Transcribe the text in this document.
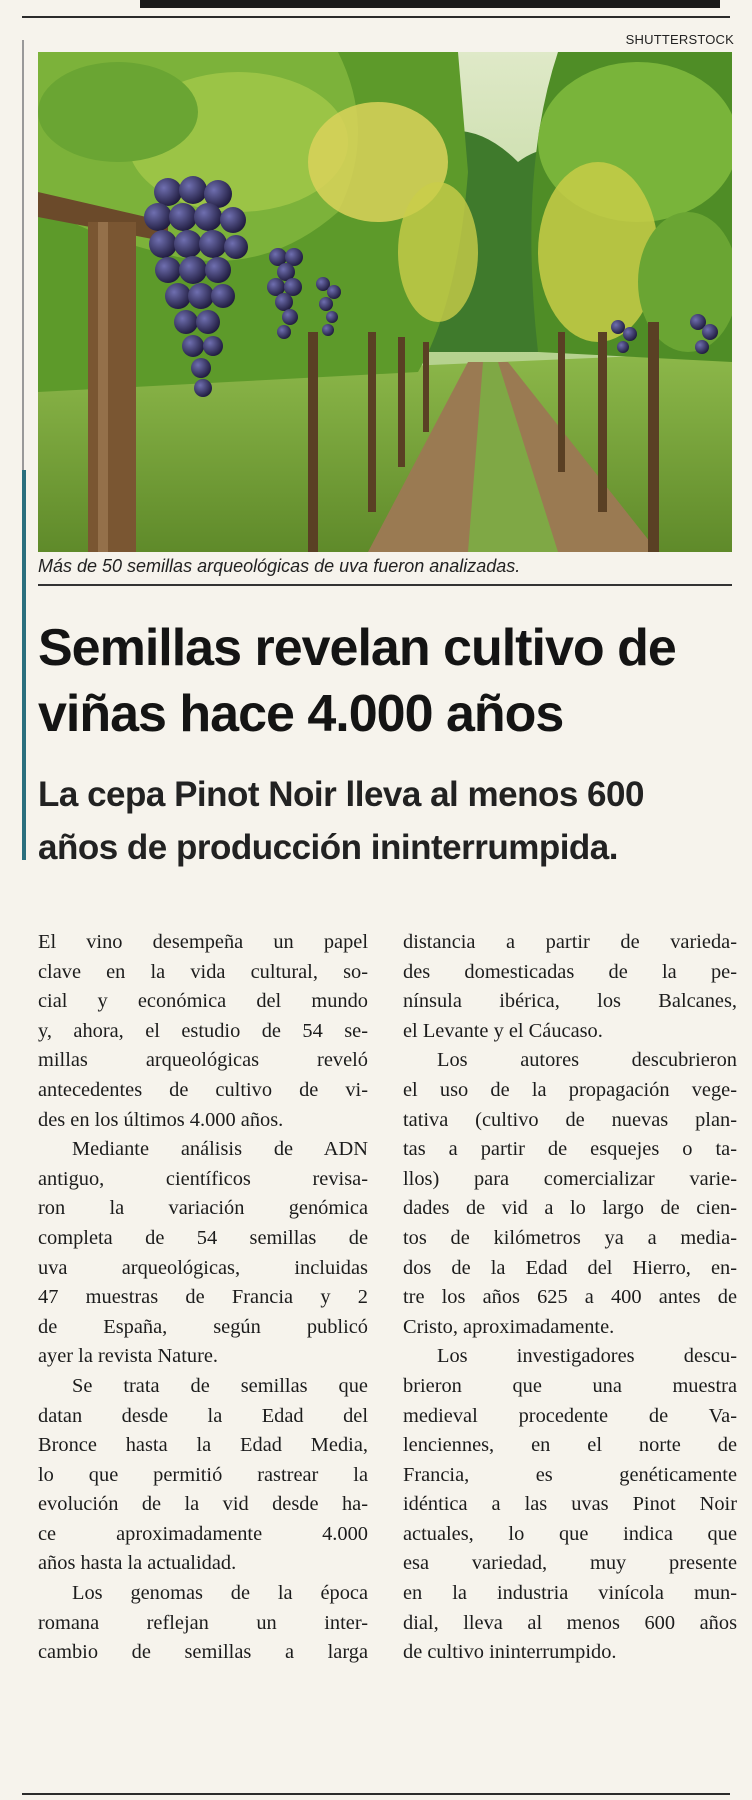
SHUTTERSTOCK
Más de 50 semillas arqueológicas de uva fueron analizadas.
Semillas revelan cultivo de
viñas hace 4.000 años
La cepa Pinot Noir lleva al menos 600
años de producción ininterrumpida.
El vino desempeña un papel
clave en la vida cultural, so-
cial y económica del mundo
y, ahora, el estudio de 54 se-
millas arqueológicas reveló
antecedentes de cultivo de vi-
des en los últimos 4.000 años.
Mediante análisis de ADN
antiguo, científicos revisa-
ron la variación genómica
completa de 54 semillas de
uva arqueológicas, incluidas
47 muestras de Francia y 2
de España, según publicó
ayer la revista Nature.
Se trata de semillas que
datan desde la Edad del
Bronce hasta la Edad Media,
lo que permitió rastrear la
evolución de la vid desde ha-
ce aproximadamente 4.000
años hasta la actualidad.
Los genomas de la época
romana reflejan un inter-
cambio de semillas a larga
distancia a partir de varieda-
des domesticadas de la pe-
nínsula ibérica, los Balcanes,
el Levante y el Cáucaso.
Los autores descubrieron
el uso de la propagación vege-
tativa (cultivo de nuevas plan-
tas a partir de esquejes o ta-
llos) para comercializar varie-
dades de vid a lo largo de cien-
tos de kilómetros ya a media-
dos de la Edad del Hierro, en-
tre los años 625 a 400 antes de
Cristo, aproximadamente.
Los investigadores descu-
brieron que una muestra
medieval procedente de Va-
lenciennes, en el norte de
Francia, es genéticamente
idéntica a las uvas Pinot Noir
actuales, lo que indica que
esa variedad, muy presente
en la industria vinícola mun-
dial, lleva al menos 600 años
de cultivo ininterrumpido.
